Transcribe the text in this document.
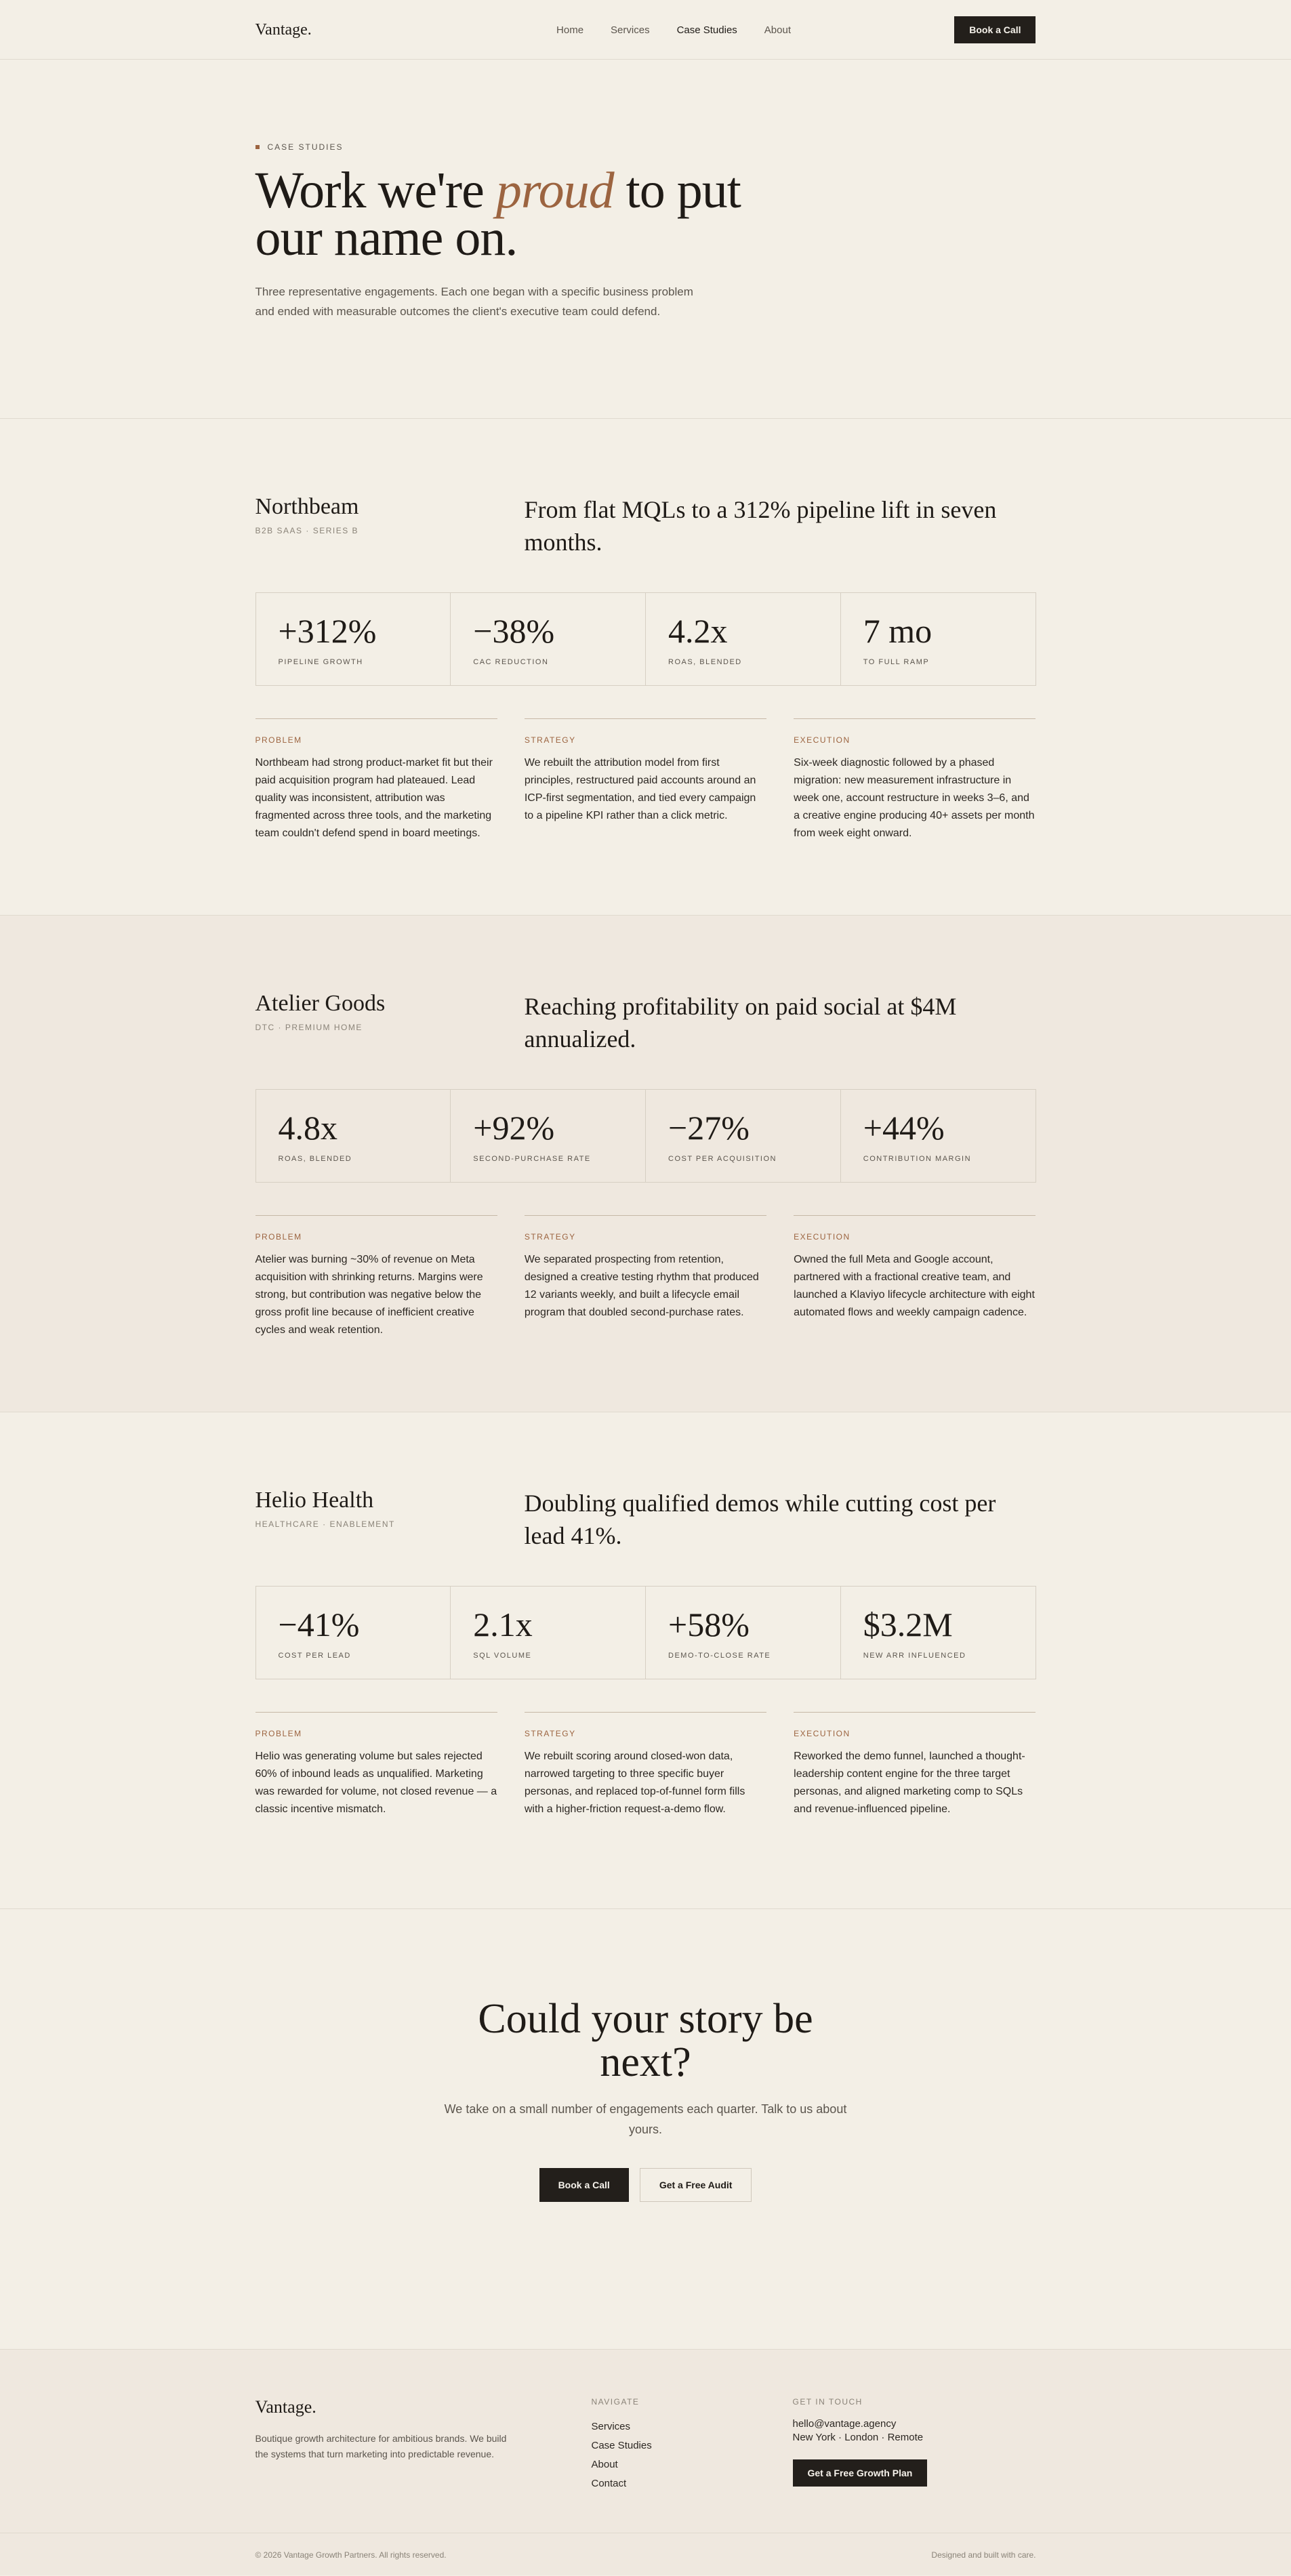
Vantage.	Home	Services	Case Studies	About	Book a Call
CASE STUDIES
Work we're proud to put our name on.

Three representative engagements. Each one began with a specific business problem and ended with measurable outcomes the client's executive team could defend.

Northbeam
B2B SAAS · SERIES B
From flat MQLs to a 312% pipeline lift in seven months.
+312%
PIPELINE GROWTH
−38%
CAC REDUCTION
4.2x
ROAS, BLENDED
7 mo
TO FULL RAMP
PROBLEM

Northbeam had strong product-market fit but their paid acquisition program had plateaued. Lead quality was inconsistent, attribution was fragmented across three tools, and the marketing team couldn't defend spend in board meetings.

STRATEGY

We rebuilt the attribution model from first principles, restructured paid accounts around an ICP-first segmentation, and tied every campaign to a pipeline KPI rather than a click metric.

EXECUTION

Six-week diagnostic followed by a phased migration: new measurement infrastructure in week one, account restructure in weeks 3–6, and a creative engine producing 40+ assets per month from week eight onward.

Atelier Goods
DTC · PREMIUM HOME
Reaching profitability on paid social at $4M annualized.
4.8x
ROAS, BLENDED
+92%
SECOND-PURCHASE RATE
−27%
COST PER ACQUISITION
+44%
CONTRIBUTION MARGIN
PROBLEM

Atelier was burning ~30% of revenue on Meta acquisition with shrinking returns. Margins were strong, but contribution was negative below the gross profit line because of inefficient creative cycles and weak retention.

STRATEGY

We separated prospecting from retention, designed a creative testing rhythm that produced 12 variants weekly, and built a lifecycle email program that doubled second-purchase rates.

EXECUTION

Owned the full Meta and Google account, partnered with a fractional creative team, and launched a Klaviyo lifecycle architecture with eight automated flows and weekly campaign cadence.

Helio Health
HEALTHCARE · ENABLEMENT
Doubling qualified demos while cutting cost per lead 41%.
−41%
COST PER LEAD
2.1x
SQL VOLUME
+58%
DEMO-TO-CLOSE RATE
$3.2M
NEW ARR INFLUENCED
PROBLEM

Helio was generating volume but sales rejected 60% of inbound leads as unqualified. Marketing was rewarded for volume, not closed revenue — a classic incentive mismatch.

STRATEGY

We rebuilt scoring around closed-won data, narrowed targeting to three specific buyer personas, and replaced top-of-funnel form fills with a higher-friction request-a-demo flow.

EXECUTION

Reworked the demo funnel, launched a thought-leadership content engine for the three target personas, and aligned marketing comp to SQLs and revenue-influenced pipeline.

Could your story be next?

We take on a small number of engagements each quarter. Talk to us about yours.

Book a Call	Get a Free Audit
Vantage.

Boutique growth architecture for ambitious brands. We build the systems that turn marketing into predictable revenue.

NAVIGATE
Services
Case Studies
About
Contact
GET IN TOUCH
hello@vantage.agency
New York · London · Remote
Get a Free Growth Plan
© 2026 Vantage Growth Partners. All rights reserved.	Designed and built with care.
